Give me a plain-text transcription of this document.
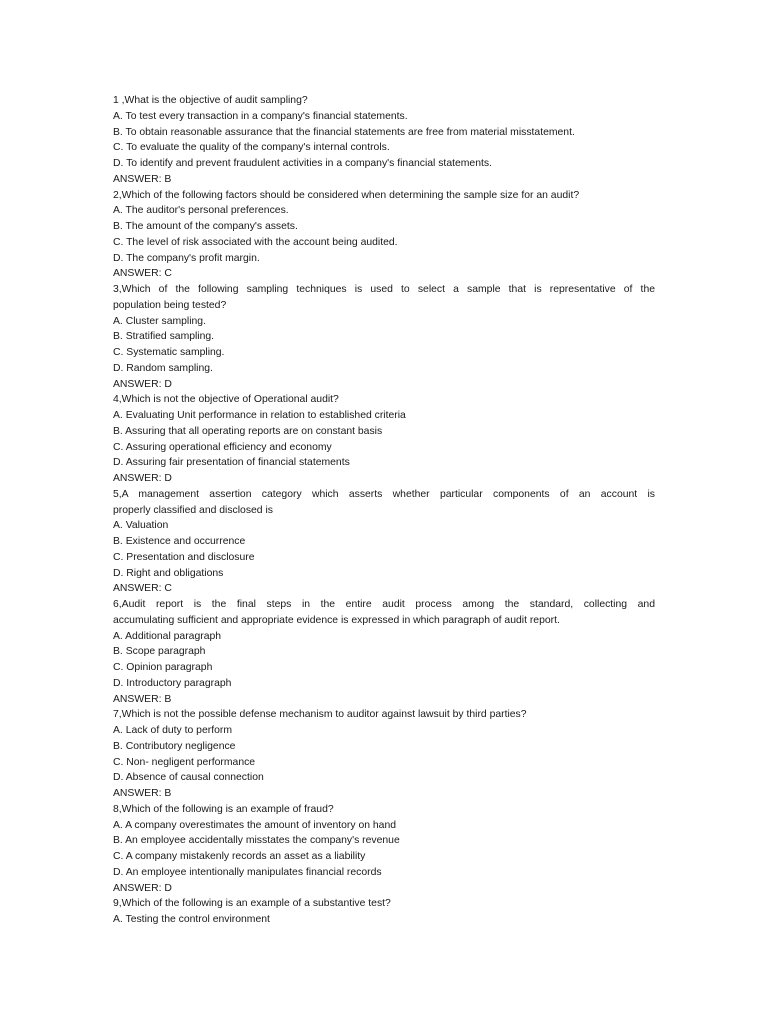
1 ,What is the objective of audit sampling?
A. To test every transaction in a company's financial statements.
B. To obtain reasonable assurance that the financial statements are free from material misstatement.
C. To evaluate the quality of the company's internal controls.
D. To identify and prevent fraudulent activities in a company's financial statements.
ANSWER: B
2,Which of the following factors should be considered when determining the sample size for an audit?
A. The auditor's personal preferences.
B. The amount of the company's assets.
C. The level of risk associated with the account being audited.
D. The company's profit margin.
ANSWER: C
3,Which of the following sampling techniques is used to select a sample that is representative of the
population being tested?
A. Cluster sampling.
B. Stratified sampling.
C. Systematic sampling.
D. Random sampling.
ANSWER: D
4,Which is not the objective of Operational audit?
A. Evaluating Unit performance in relation to established criteria
B. Assuring that all operating reports are on constant basis
C. Assuring operational efficiency and economy
D. Assuring fair presentation of financial statements
ANSWER: D
5,A management assertion category which asserts whether particular components of an account is
properly classified and disclosed is
A. Valuation
B. Existence and occurrence
C. Presentation and disclosure
D. Right and obligations
ANSWER: C
6,Audit report is the final steps in the entire audit process among the standard, collecting and
accumulating sufficient and appropriate evidence is expressed in which paragraph of audit report.
A. Additional paragraph
B. Scope paragraph
C. Opinion paragraph
D. Introductory paragraph
ANSWER: B
7,Which is not the possible defense mechanism to auditor against lawsuit by third parties?
A. Lack of duty to perform
B. Contributory negligence
C. Non- negligent performance
D. Absence of causal connection
ANSWER: B
8,Which of the following is an example of fraud?
A. A company overestimates the amount of inventory on hand
B. An employee accidentally misstates the company's revenue
C. A company mistakenly records an asset as a liability
D. An employee intentionally manipulates financial records
ANSWER: D
9,Which of the following is an example of a substantive test?
A. Testing the control environment
